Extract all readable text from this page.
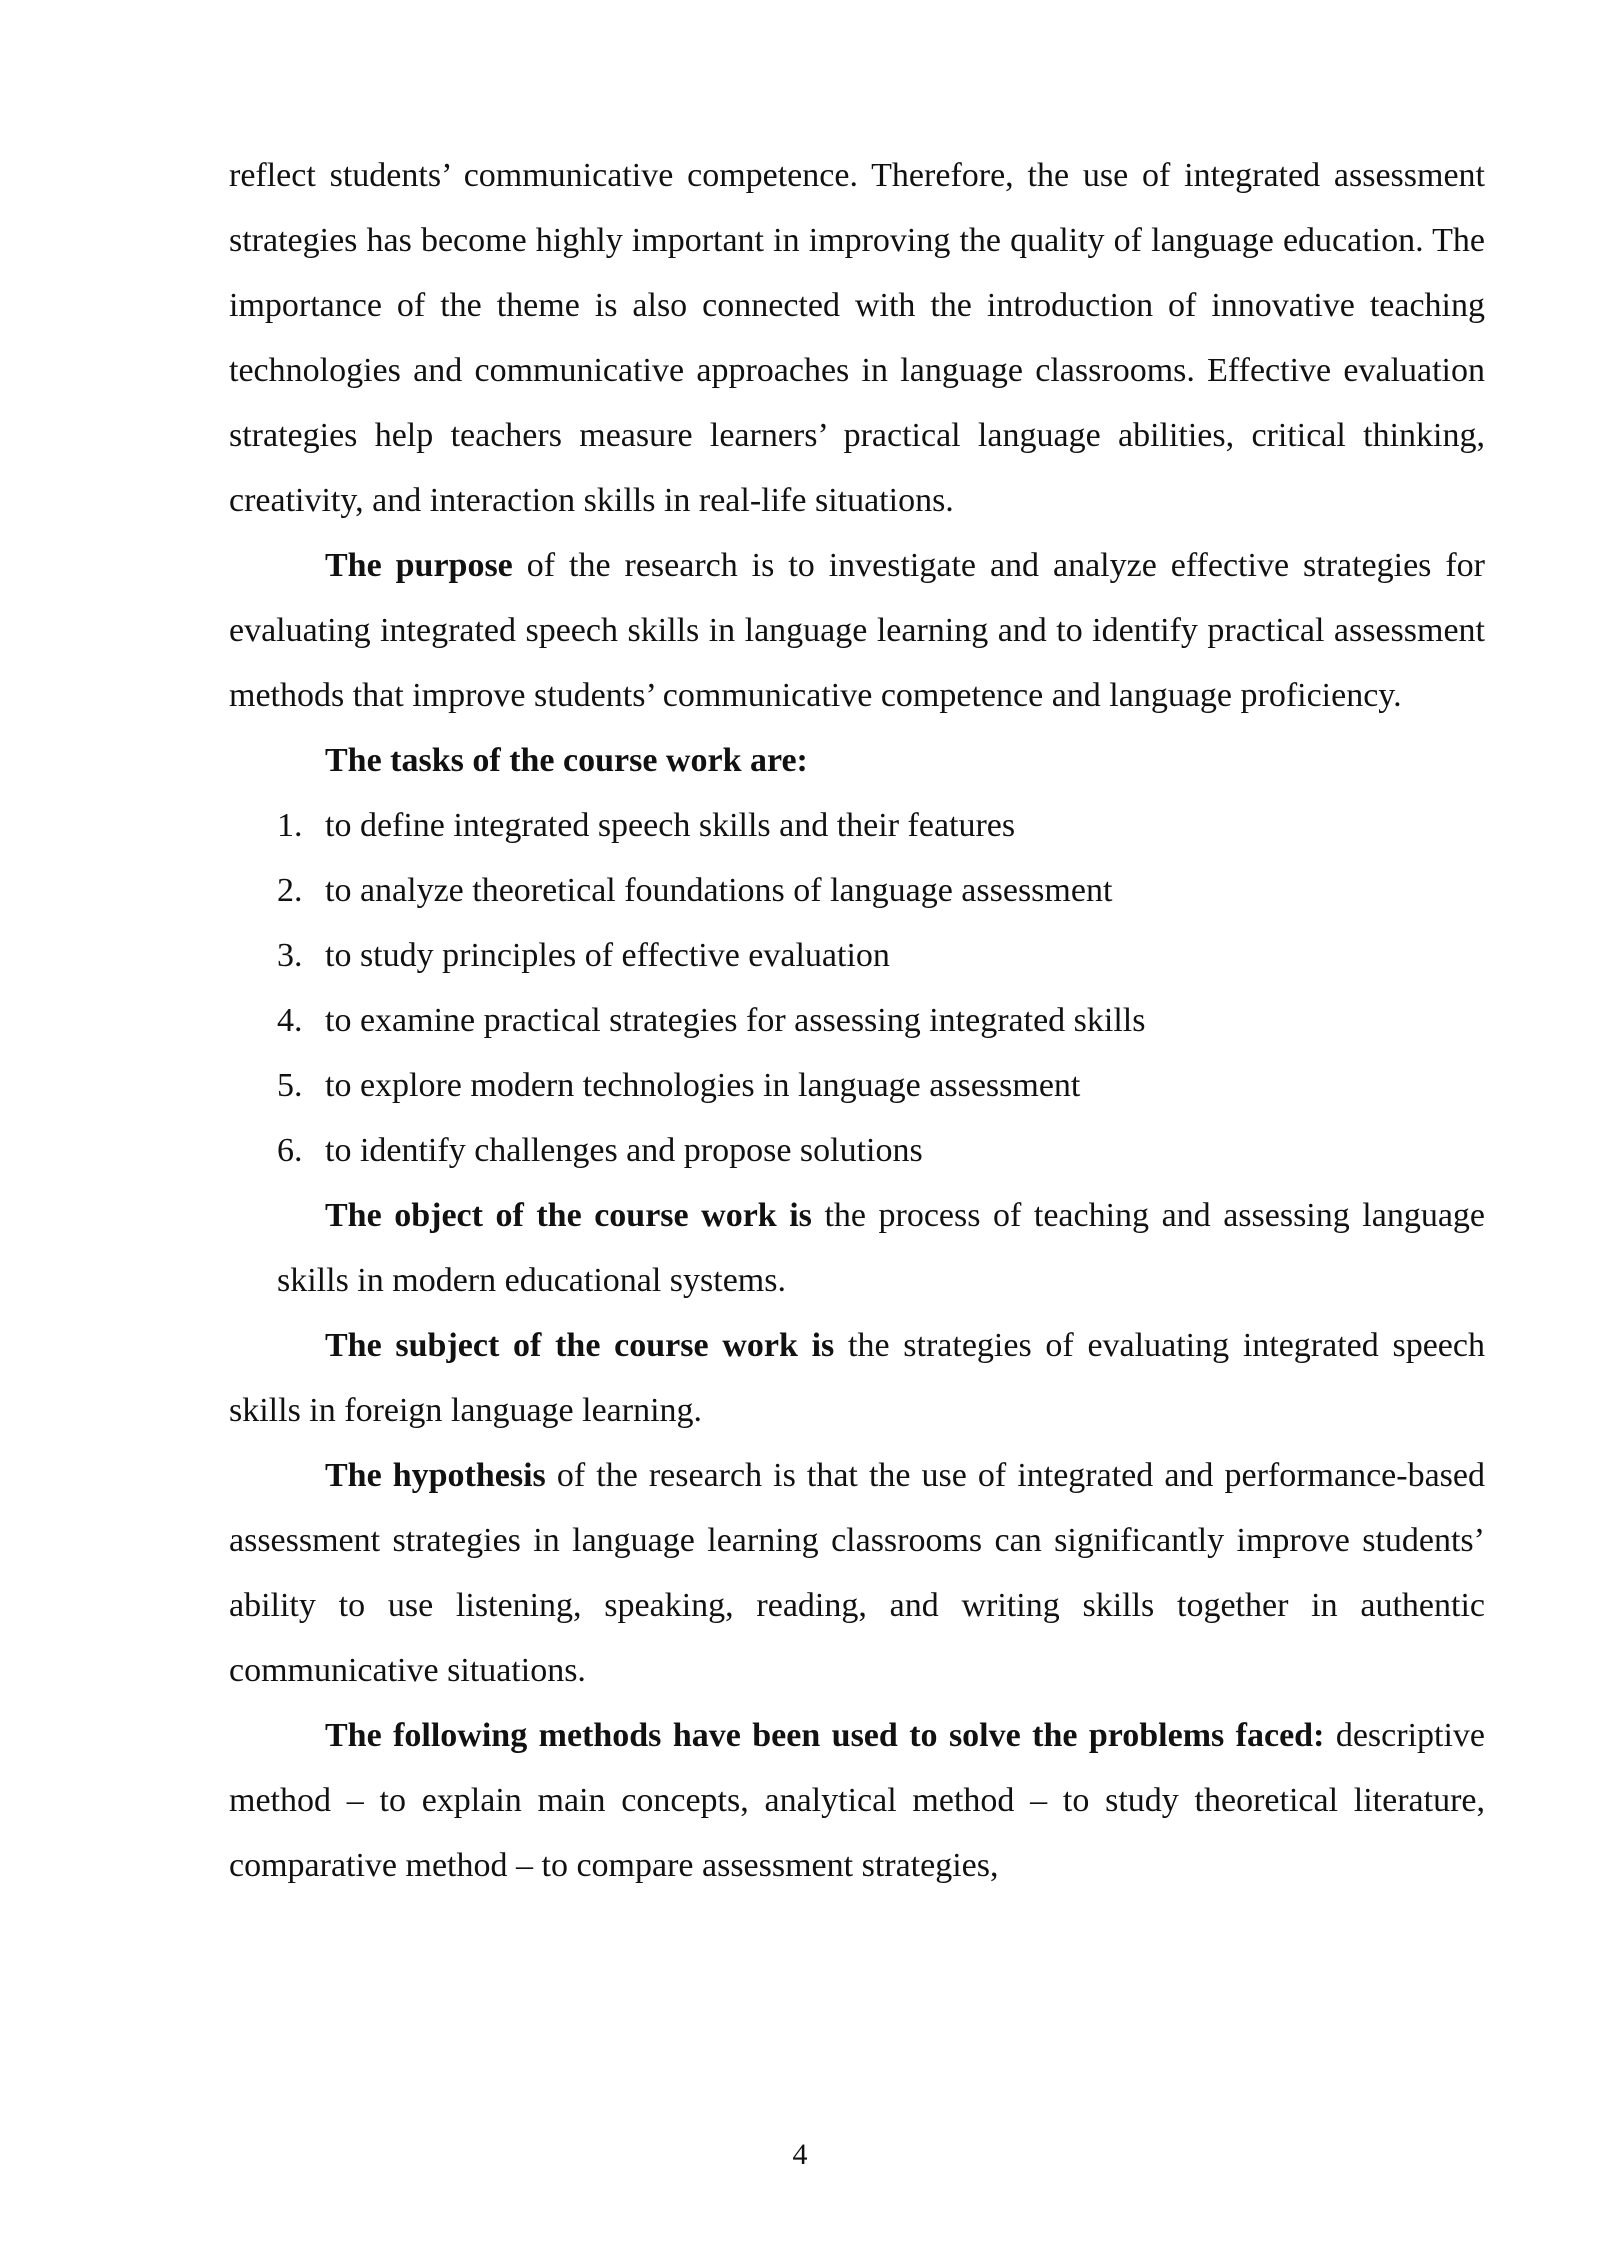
reflect students’ communicative competence. Therefore, the use of integrated assessment strategies has become highly important in improving the quality of language education. The importance of the theme is also connected with the introduction of innovative teaching technologies and communicative approaches in language classrooms. Effective evaluation strategies help teachers measure learners’ practical language abilities, critical thinking, creativity, and interaction skills in real-life situations.

The purpose of the research is to investigate and analyze effective strategies for evaluating integrated speech skills in language learning and to identify practical assessment methods that improve students’ communicative competence and language proficiency.

The tasks of the course work are:

1. to define integrated speech skills and their features
2. to analyze theoretical foundations of language assessment
3. to study principles of effective evaluation
4. to examine practical strategies for assessing integrated skills
5. to explore modern technologies in language assessment
6. to identify challenges and propose solutions

The object of the course work is the process of teaching and assessing language skills in modern educational systems.

The subject of the course work is the strategies of evaluating integrated speech skills in foreign language learning.

The hypothesis of the research is that the use of integrated and performance-based assessment strategies in language learning classrooms can significantly improve students’ ability to use listening, speaking, reading, and writing skills together in authentic communicative situations.

The following methods have been used to solve the problems faced: descriptive method – to explain main concepts, analytical method – to study theoretical literature, comparative method – to compare assessment strategies,

4
